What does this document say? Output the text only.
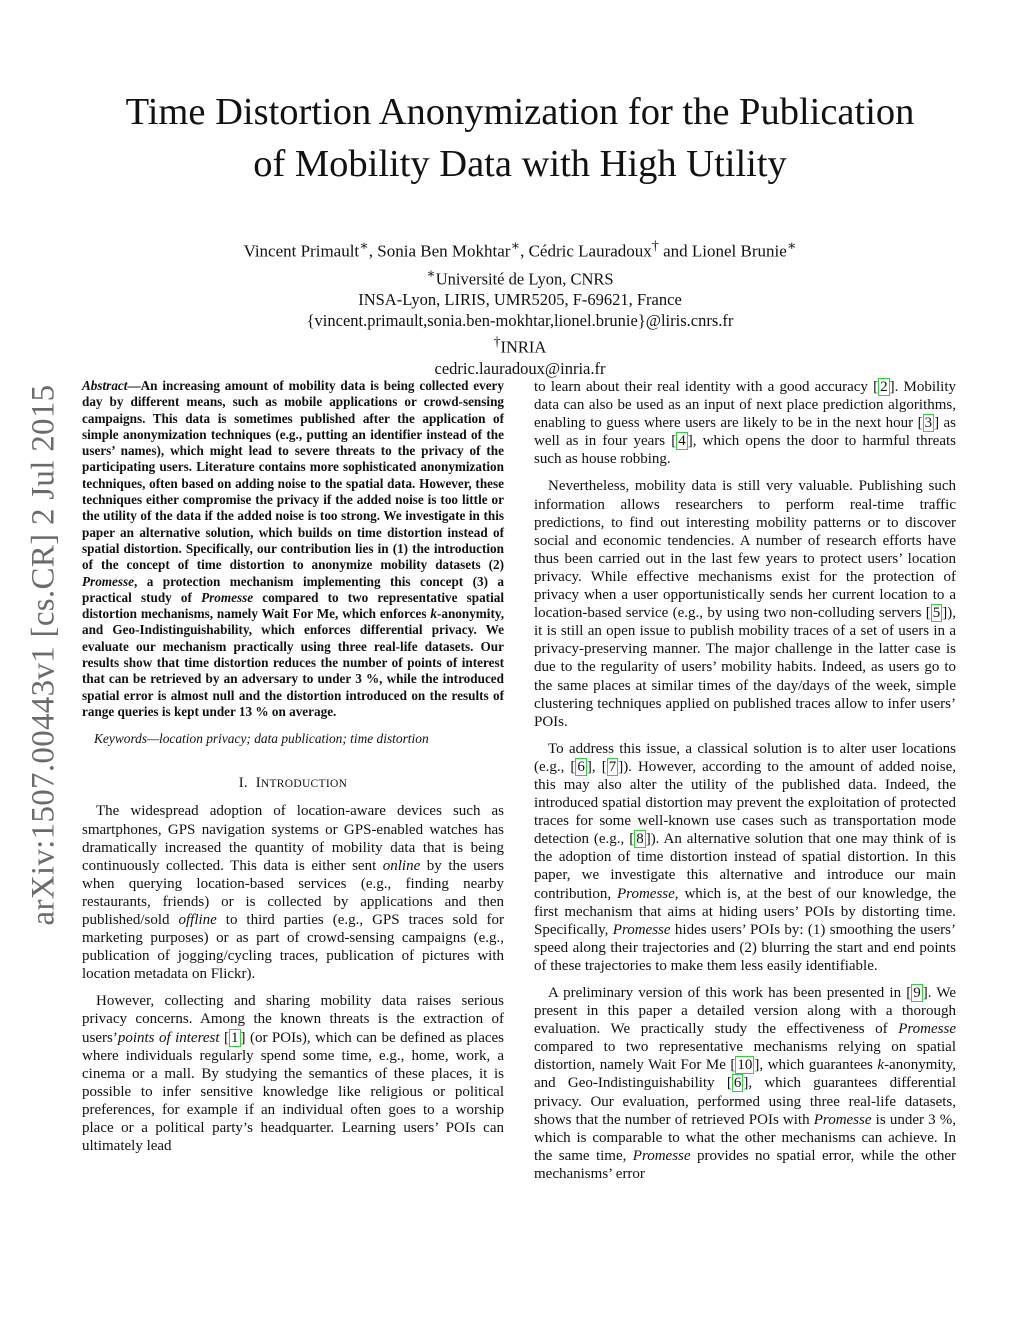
arXiv:1507.00443v1 [cs.CR] 2 Jul 2015
Time Distortion Anonymization for the Publication
of Mobility Data with High Utility
Vincent Primault∗, Sonia Ben Mokhtar∗, Cédric Lauradoux† and Lionel Brunie∗
∗Université de Lyon, CNRS
INSA-Lyon, LIRIS, UMR5205, F-69621, France
{vincent.primault,sonia.ben-mokhtar,lionel.brunie}@liris.cnrs.fr
†INRIA
cedric.lauradoux@inria.fr
Abstract—An increasing amount of mobility data is being collected every day by different means, such as mobile applications or crowd-sensing campaigns. This data is sometimes published after the application of simple anonymization techniques (e.g., putting an identifier instead of the users’ names), which might lead to severe threats to the privacy of the participating users. Literature contains more sophisticated anonymization techniques, often based on adding noise to the spatial data. However, these techniques either compromise the privacy if the added noise is too little or the utility of the data if the added noise is too strong. We investigate in this paper an alternative solution, which builds on time distortion instead of spatial distortion. Specifically, our contribution lies in (1) the introduction of the concept of time distortion to anonymize mobility datasets (2) Promesse, a protection mechanism implementing this concept (3) a practical study of Promesse compared to two representative spatial distortion mechanisms, namely Wait For Me, which enforces k-anonymity, and Geo-Indistinguishability, which enforces differential privacy. We evaluate our mechanism practically using three real-life datasets. Our results show that time distortion reduces the number of points of interest that can be retrieved by an adversary to under 3 %, while the introduced spatial error is almost null and the distortion introduced on the results of range queries is kept under 13 % on average.
Keywords—location privacy; data publication; time distortion
I. INTRODUCTION

The widespread adoption of location-aware devices such as smartphones, GPS navigation systems or GPS-enabled watches has dramatically increased the quantity of mobility data that is being continuously collected. This data is either sent online by the users when querying location-based services (e.g., finding nearby restaurants, friends) or is collected by applications and then published/sold offline to third parties (e.g., GPS traces sold for marketing purposes) or as part of crowd-sensing campaigns (e.g., publication of jogging/cycling traces, publication of pictures with location metadata on Flickr).

However, collecting and sharing mobility data raises serious privacy concerns. Among the known threats is the extraction of users’points of interest [ 1 ] (or POIs), which can be defined as places where individuals regularly spend some time, e.g., home, work, a cinema or a mall. By studying the semantics of these places, it is possible to infer sensitive knowledge like religious or political preferences, for example if an individual often goes to a worship place or a political party’s headquarter. Learning users’ POIs can ultimately lead

to learn about their real identity with a good accuracy [ 2 ]. Mobility data can also be used as an input of next place prediction algorithms, enabling to guess where users are likely to be in the next hour [ 3 ] as well as in four years [ 4 ], which opens the door to harmful threats such as house robbing.

Nevertheless, mobility data is still very valuable. Publishing such information allows researchers to perform real-time traffic predictions, to find out interesting mobility patterns or to discover social and economic tendencies. A number of research efforts have thus been carried out in the last few years to protect users’ location privacy. While effective mechanisms exist for the protection of privacy when a user opportunistically sends her current location to a location-based service (e.g., by using two non-colluding servers [ 5 ]), it is still an open issue to publish mobility traces of a set of users in a privacy-preserving manner. The major challenge in the latter case is due to the regularity of users’ mobility habits. Indeed, as users go to the same places at similar times of the day/days of the week, simple clustering techniques applied on published traces allow to infer users’ POIs.

To address this issue, a classical solution is to alter user locations (e.g., [ 6 ], [ 7 ]). However, according to the amount of added noise, this may also alter the utility of the published data. Indeed, the introduced spatial distortion may prevent the exploitation of protected traces for some well-known use cases such as transportation mode detection (e.g., [ 8 ]). An alternative solution that one may think of is the adoption of time distortion instead of spatial distortion. In this paper, we investigate this alternative and introduce our main contribution, Promesse, which is, at the best of our knowledge, the first mechanism that aims at hiding users’ POIs by distorting time. Specifically, Promesse hides users’ POIs by: (1) smoothing the users’ speed along their trajectories and (2) blurring the start and end points of these trajectories to make them less easily identifiable.

A preliminary version of this work has been presented in [ 9 ]. We present in this paper a detailed version along with a thorough evaluation. We practically study the effectiveness of Promesse compared to two representative mechanisms relying on spatial distortion, namely Wait For Me [ 10 ], which guarantees k-anonymity, and Geo-Indistinguishability [ 6 ], which guarantees differential privacy. Our evaluation, performed using three real-life datasets, shows that the number of retrieved POIs with Promesse is under 3 %, which is comparable to what the other mechanisms can achieve. In the same time, Promesse provides no spatial error, while the other mechanisms’ error
